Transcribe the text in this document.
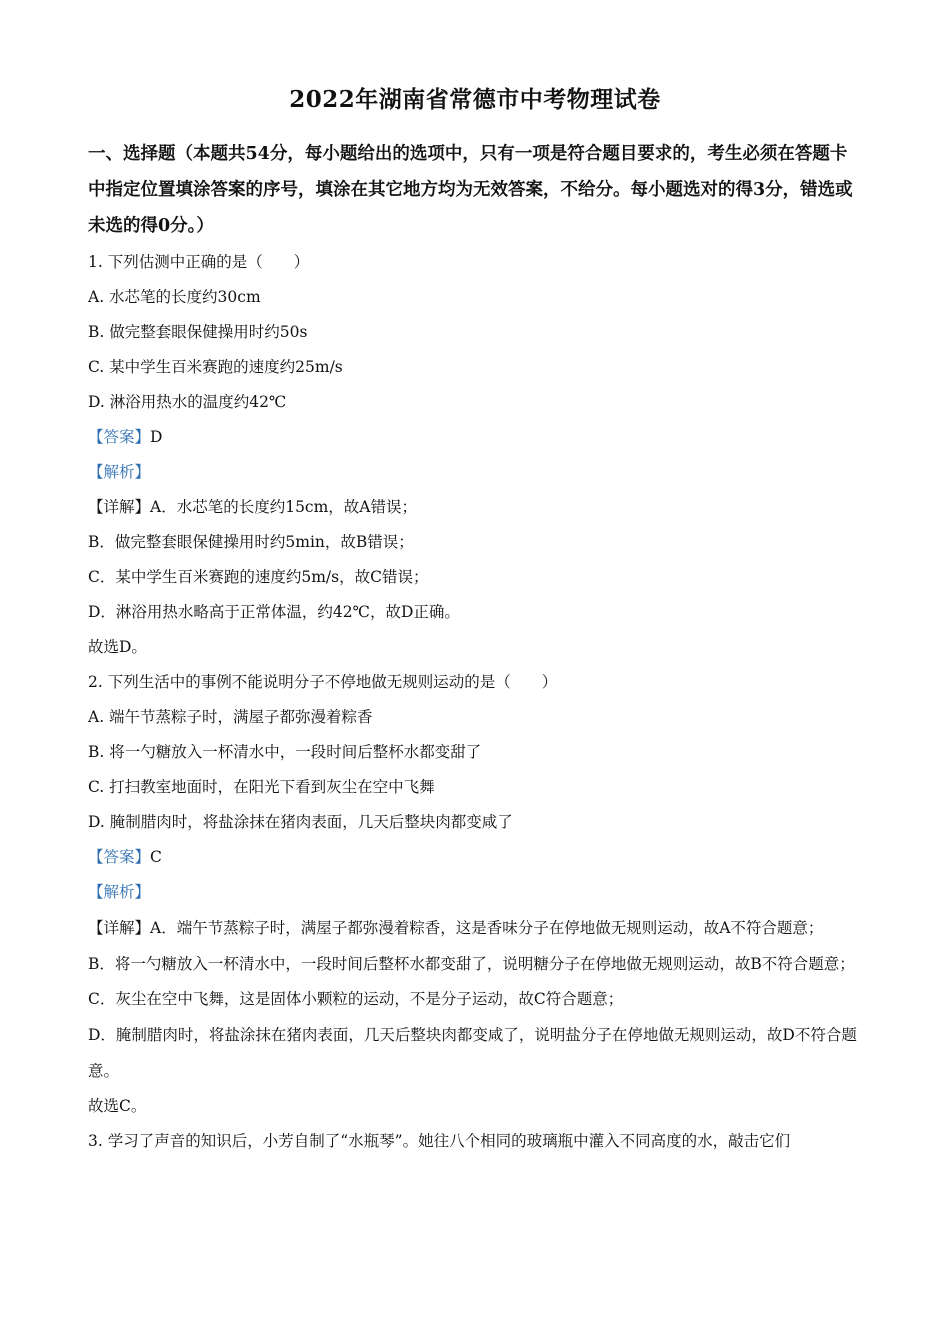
2022年湖南省常德市中考物理试卷
一、选择题（本题共54分，每小题给出的选项中，只有一项是符合题目要求的，考生必须在答题卡中指定位置填涂答案的序号，填涂在其它地方均为无效答案，不给分。每小题选对的得3分，错选或未选的得0分。）

1. 下列估测中正确的是（　　）

A. 水芯笔的长度约30cm

B. 做完整套眼保健操用时约50s

C. 某中学生百米赛跑的速度约25m/s

D. 淋浴用热水的温度约42℃

【答案】D

【解析】

【详解】A．水芯笔的长度约15cm，故A错误；

B．做完整套眼保健操用时约5min，故B错误；

C．某中学生百米赛跑的速度约5m/s，故C错误；

D．淋浴用热水略高于正常体温，约42℃，故D正确。

故选D。

2. 下列生活中的事例不能说明分子不停地做无规则运动的是（　　）

A. 端午节蒸粽子时，满屋子都弥漫着粽香

B. 将一勺糖放入一杯清水中，一段时间后整杯水都变甜了

C. 打扫教室地面时，在阳光下看到灰尘在空中飞舞

D. 腌制腊肉时，将盐涂抹在猪肉表面，几天后整块肉都变咸了

【答案】C

【解析】

【详解】A．端午节蒸粽子时，满屋子都弥漫着粽香，这是香味分子在停地做无规则运动，故A不符合题意；

B．将一勺糖放入一杯清水中，一段时间后整杯水都变甜了，说明糖分子在停地做无规则运动，故B不符合题意；

C．灰尘在空中飞舞，这是固体小颗粒的运动，不是分子运动，故C符合题意；

D．腌制腊肉时，将盐涂抹在猪肉表面，几天后整块肉都变咸了，说明盐分子在停地做无规则运动，故D不符合题意。

故选C。

3. 学习了声音的知识后，小芳自制了“水瓶琴”。她往八个相同的玻璃瓶中灌入不同高度的水，敲击它们
